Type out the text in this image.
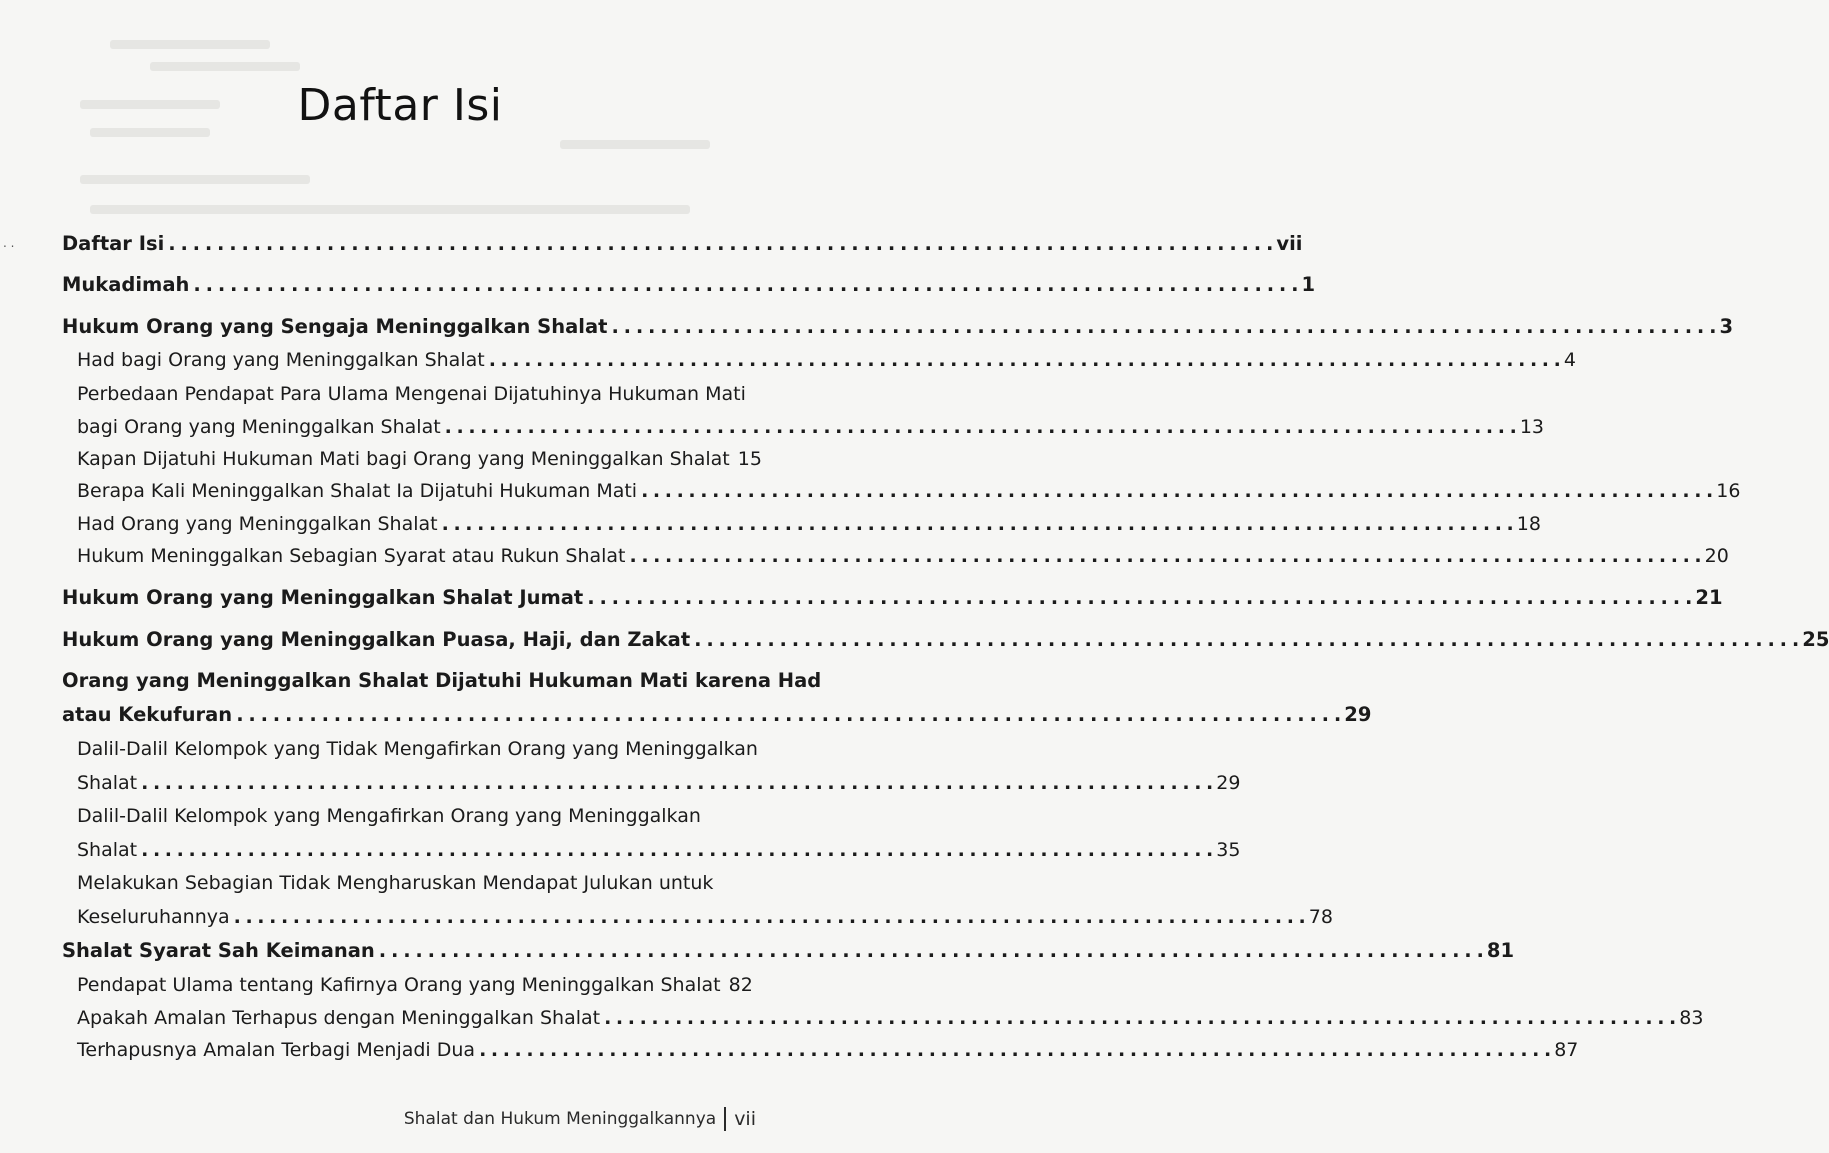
. .
Daftar Isi
Daftar Isi . . .	vii
Mukadimah . . .	1
Hukum Orang yang Sengaja Meninggalkan Shalat . . .	3
Had bagi Orang yang Meninggalkan Shalat . . .	4
Perbedaan Pendapat Para Ulama Mengenai Dijatuhinya Hukuman Mati
bagi Orang yang Meninggalkan Shalat . . .	13
Kapan Dijatuhi Hukuman Mati bagi Orang yang Meninggalkan Shalat 15
Berapa Kali Meninggalkan Shalat Ia Dijatuhi Hukuman Mati . . .	16
Had Orang yang Meninggalkan Shalat . . .	18
Hukum Meninggalkan Sebagian Syarat atau Rukun Shalat . . .	20
Hukum Orang yang Meninggalkan Shalat Jumat . . .	21
Hukum Orang yang Meninggalkan Puasa, Haji, dan Zakat . . .	25
Orang yang Meninggalkan Shalat Dijatuhi Hukuman Mati karena Had
atau Kekufuran . . .	29
Dalil-Dalil Kelompok yang Tidak Mengafirkan Orang yang Meninggalkan
Shalat . . .	29
Dalil-Dalil Kelompok yang Mengafirkan Orang yang Meninggalkan
Shalat . . .	35
Melakukan Sebagian Tidak Mengharuskan Mendapat Julukan untuk
Keseluruhannya . . .	78
Shalat Syarat Sah Keimanan . . .	81
Pendapat Ulama tentang Kafirnya Orang yang Meninggalkan Shalat 82
Apakah Amalan Terhapus dengan Meninggalkan Shalat . . .	83
Terhapusnya Amalan Terbagi Menjadi Dua . . .	87
Shalat dan Hukum Meninggalkannya vii
